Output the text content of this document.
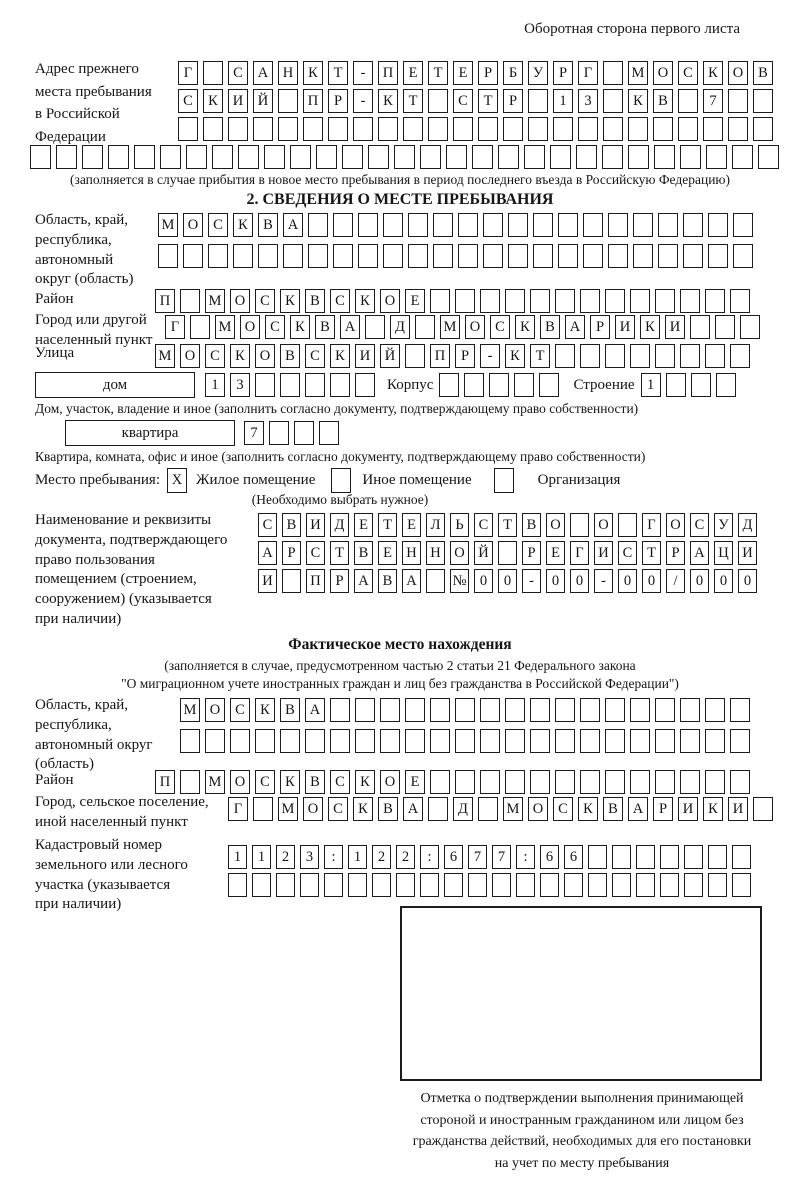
Оборотная сторона первого листа
Адрес прежнего
места пребывания
в Российской
Федерации
Г	С	А	Н	К	Т	-	П	Е	Т	Е	Р	Б	У	Р	Г	М О	С	К	О	В
С	К	И	Й	П	Р	-	К	Т	С	Т	Р	1	3	К	В	7
(заполняется в случае прибытия в новое место пребывания в период последнего въезда в Российскую Федерацию)
2. СВЕДЕНИЯ О МЕСТЕ ПРЕБЫВАНИЯ
Область, край,
республика,
автономный
округ (область)
М О	С	К	В	А
Район	П	М О	С	К	В	С	К	О	Е
Город или другой
населенный пункт
Г	М О	С	К	В	А	Д	М О	С	К	В	А	Р	И	К	И
Улица	М О	С	К	О	В	С	К	И	Й	П	Р	-	К	Т
дом	1	3	Корпус	Строение 1
Дом, участок, владение и иное (заполнить согласно документу, подтверждающему право собственности)
квартира	7
Квартира, комната, офис и иное (заполнить согласно документу, подтверждающему право собственности)
Место пребывания: X Жилое помещение	Иное помещение	Организация
(Необходимо выбрать нужное)
Наименование и реквизиты
документа, подтверждающего
право пользования
помещением (строением,
сооружением) (указывается
при наличии)
С В И Д	Е	Т	Е	Л	Ь	С	Т	В О	О	Г	О С У Д
А	Р	С	Т	В	Е Н Н О Й	Р	Е	Г	И С	Т	Р	А Ц И
И	П	Р	А В А № 0	0	-	0	0	-	0	0	/	0	0	0
Фактическое место нахождения
(заполняется в случае, предусмотренном частью 2 статьи 21 Федерального закона
"О миграционном учете иностранных граждан и лиц без гражданства в Российской Федерации")
Область, край,
республика,
автономный округ
(область)
М О	С	К	В	А
Район	П	М О	С	К	В	С	К	О	Е
Город, сельское поселение,
иной населенный пункт
Г	М О	С	К	В	А	Д	М О	С	К	В	А	Р	И	К	И
Кадастровый номер
земельного или лесного
участка (указывается
при наличии)
1	1	2	3	:	1	2	2	:	6	7	7	:	6	6
Отметка о подтверждении выполнения принимающей
стороной и иностранным гражданином или лицом без
гражданства действий, необходимых для его постановки
на учет по месту пребывания
